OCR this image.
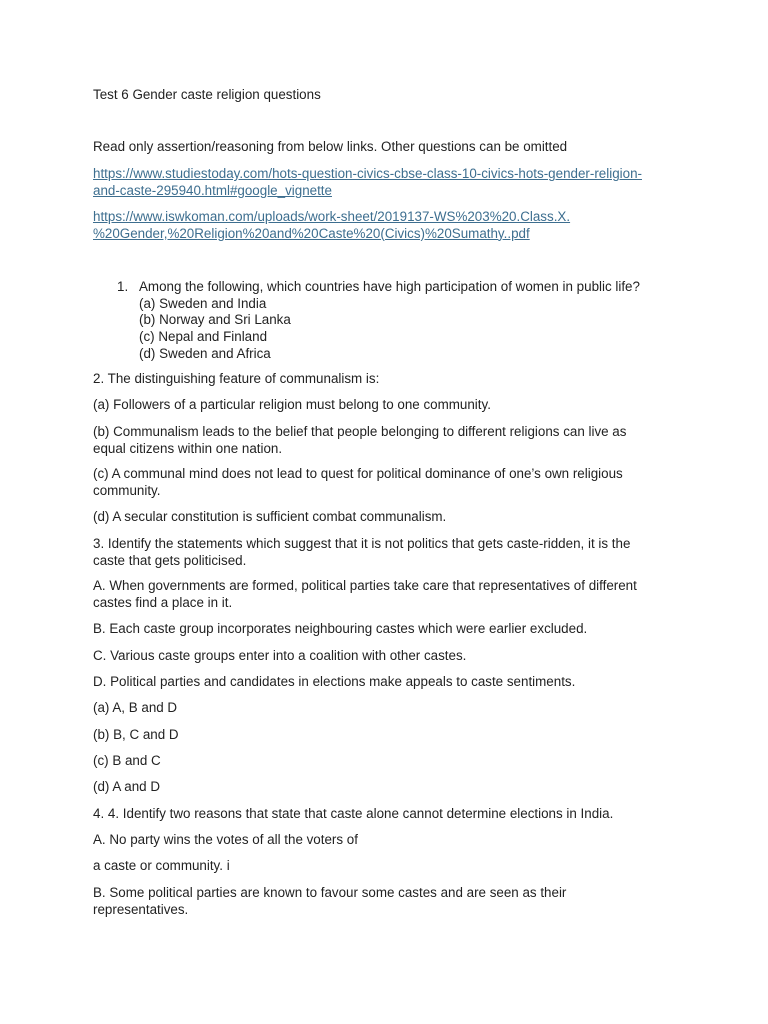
Test 6 Gender caste religion questions

Read only assertion/reasoning from below links. Other questions can be omitted

https://www.studiestoday.com/hots-question-civics-cbse-class-10-civics-hots-gender-religion-
and-caste-295940.html#google_vignette

https://www.iswkoman.com/uploads/work-sheet/2019137-WS%203%20.Class.X.
%20Gender,%20Religion%20and%20Caste%20(Civics)%20Sumathy..pdf

1. Among the following, which countries have high participation of women in public life?
(a) Sweden and India
(b) Norway and Sri Lanka
(c) Nepal and Finland
(d) Sweden and Africa

2. The distinguishing feature of communalism is:

(a) Followers of a particular religion must belong to one community.

(b) Communalism leads to the belief that people belonging to different religions can live as
equal citizens within one nation.

(c) A communal mind does not lead to quest for political dominance of one’s own religious
community.

(d) A secular constitution is sufficient combat communalism.

3. Identify the statements which suggest that it is not politics that gets caste-ridden, it is the
caste that gets politicised.

A. When governments are formed, political parties take care that representatives of different
castes find a place in it.

B. Each caste group incorporates neighbouring castes which were earlier excluded.

C. Various caste groups enter into a coalition with other castes.

D. Political parties and candidates in elections make appeals to caste sentiments.

(a) A, B and D

(b) B, C and D

(c) B and C

(d) A and D

4. 4. Identify two reasons that state that caste alone cannot determine elections in India.

A. No party wins the votes of all the voters of

a caste or community. i

B. Some political parties are known to favour some castes and are seen as their
representatives.
